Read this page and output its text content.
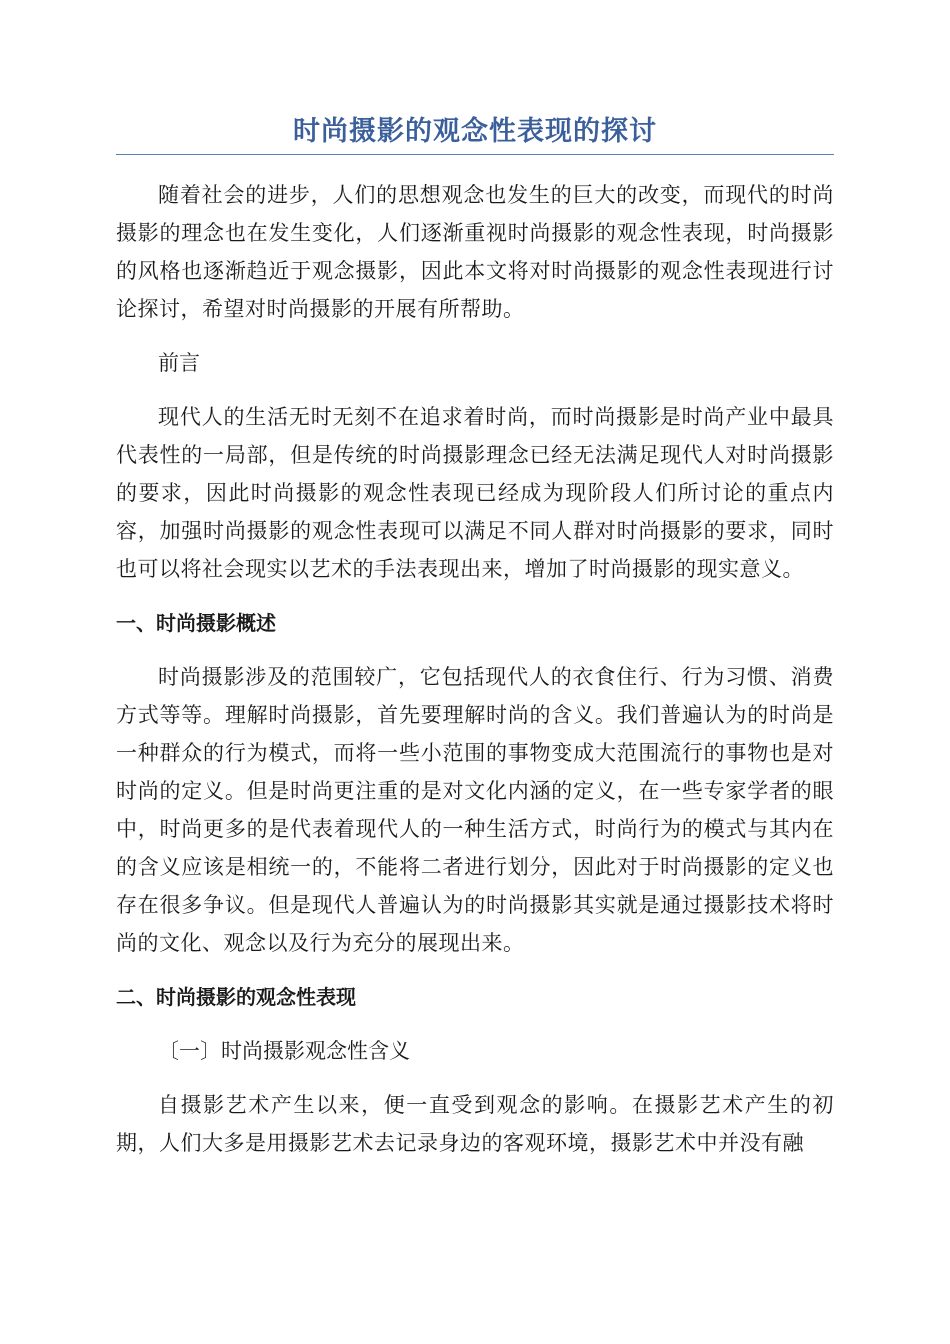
时尚摄影的观念性表现的探讨

随着社会的进步，人们的思想观念也发生的巨大的改变，而现代的时尚摄影的理念也在发生变化，人们逐渐重视时尚摄影的观念性表现，时尚摄影的风格也逐渐趋近于观念摄影，因此本文将对时尚摄影的观念性表现进行讨论探讨，希望对时尚摄影的开展有所帮助。

前言

现代人的生活无时无刻不在追求着时尚，而时尚摄影是时尚产业中最具代表性的一局部，但是传统的时尚摄影理念已经无法满足现代人对时尚摄影的要求，因此时尚摄影的观念性表现已经成为现阶段人们所讨论的重点内容，加强时尚摄影的观念性表现可以满足不同人群对时尚摄影的要求，同时也可以将社会现实以艺术的手法表现出来，增加了时尚摄影的现实意义。

一、时尚摄影概述

时尚摄影涉及的范围较广，它包括现代人的衣食住行、行为习惯、消费方式等等。理解时尚摄影，首先要理解时尚的含义。我们普遍认为的时尚是一种群众的行为模式，而将一些小范围的事物变成大范围流行的事物也是对时尚的定义。但是时尚更注重的是对文化内涵的定义，在一些专家学者的眼中，时尚更多的是代表着现代人的一种生活方式，时尚行为的模式与其内在的含义应该是相统一的，不能将二者进行划分，因此对于时尚摄影的定义也存在很多争议。但是现代人普遍认为的时尚摄影其实就是通过摄影技术将时尚的文化、观念以及行为充分的展现出来。

二、时尚摄影的观念性表现

〔一〕时尚摄影观念性含义

自摄影艺术产生以来，便一直受到观念的影响。在摄影艺术产生的初期，人们大多是用摄影艺术去记录身边的客观环境，摄影艺术中并没有融
